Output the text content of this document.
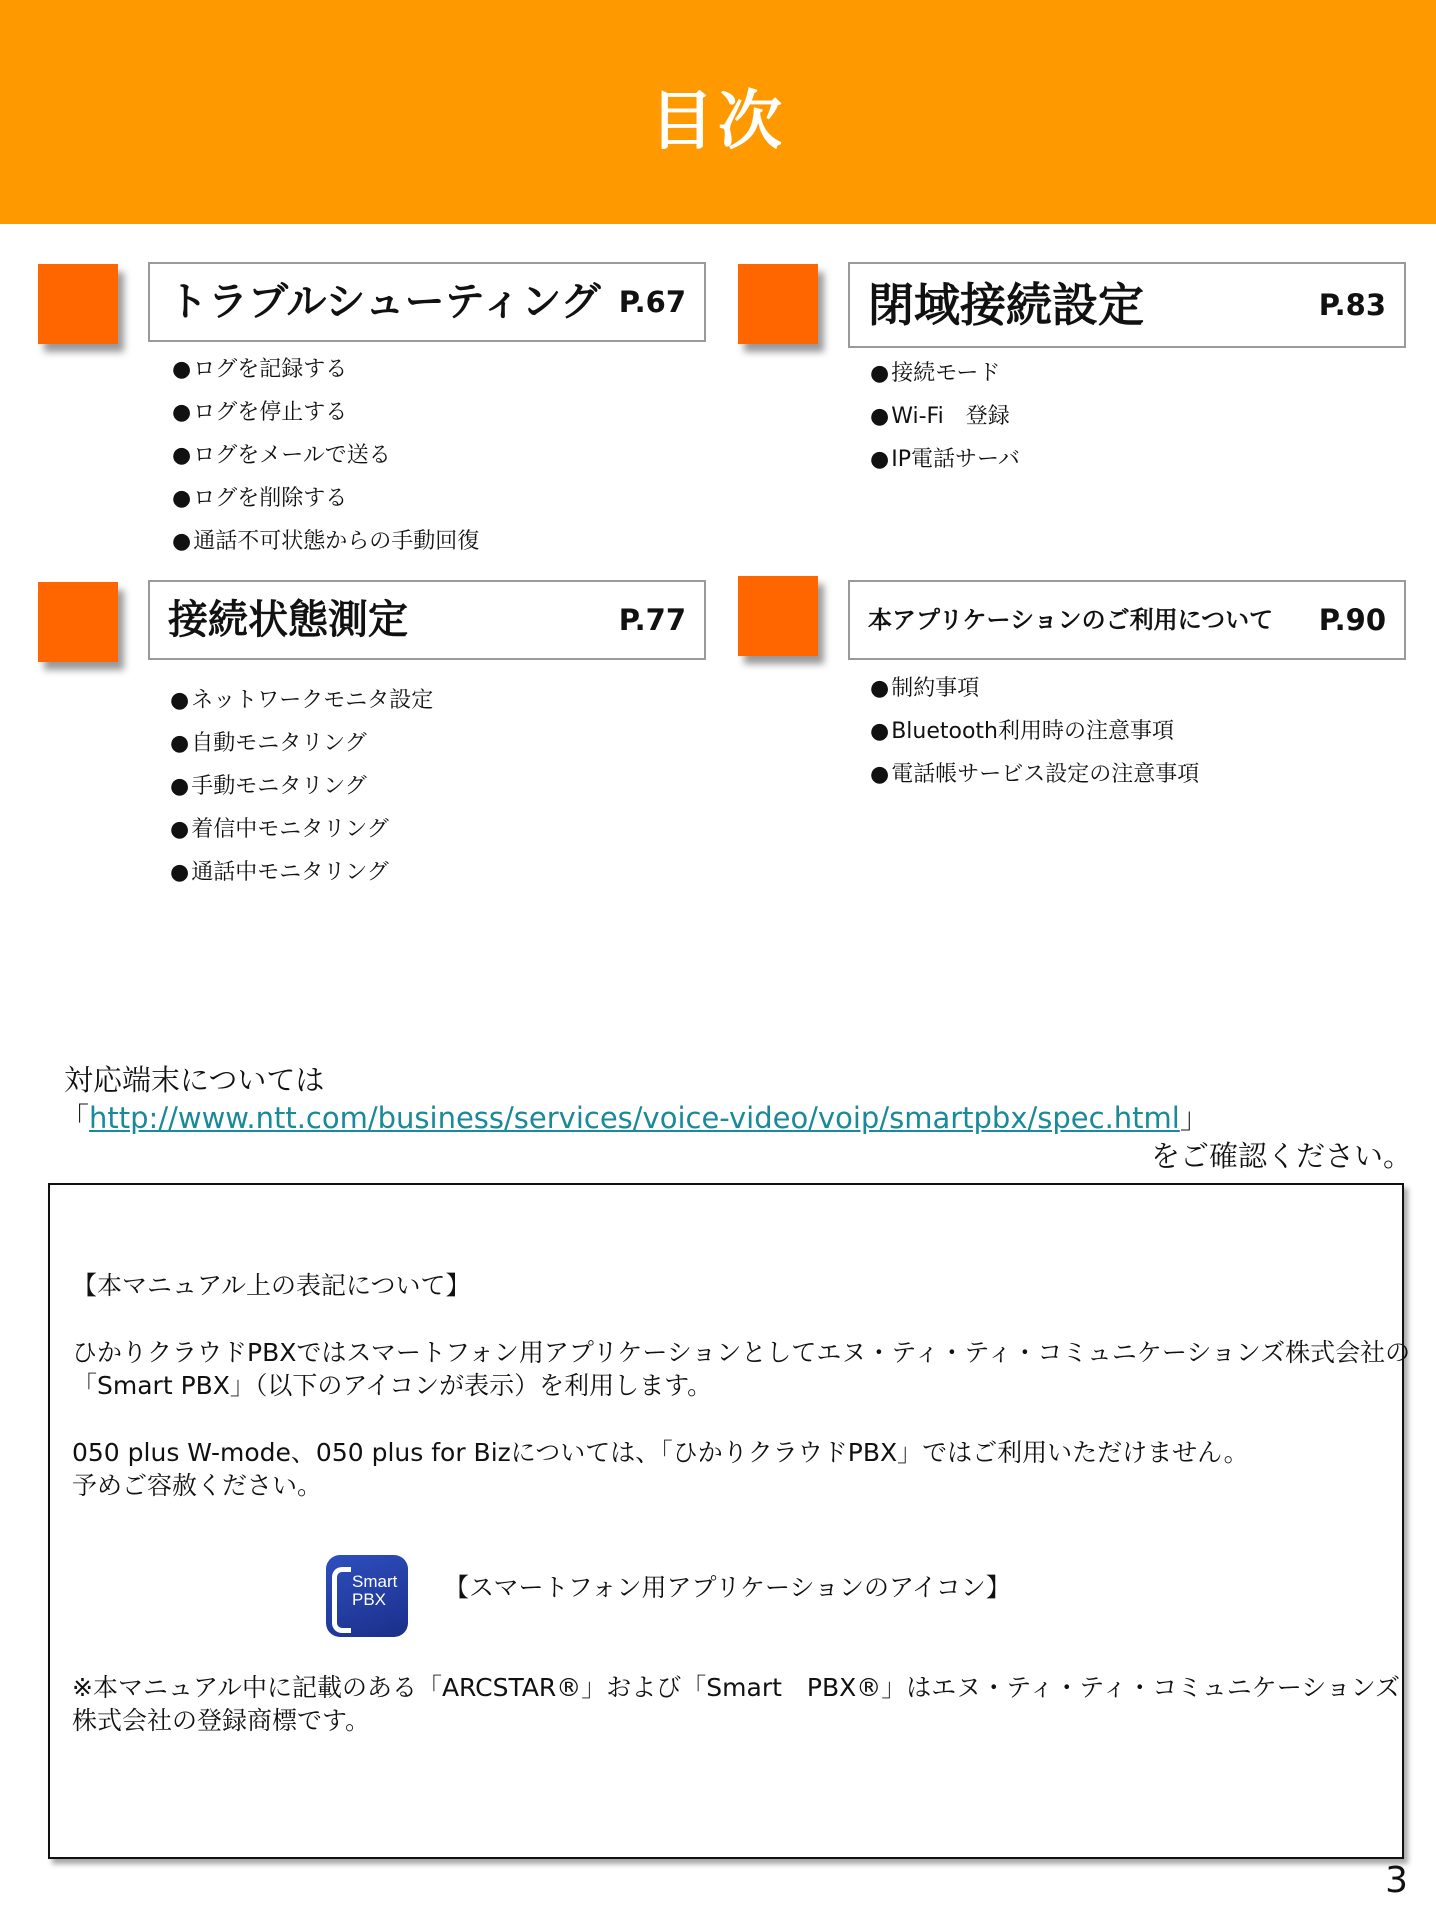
目次
トラブルシューティング P.67
● ログを記録する
● ログを停止する
● ログをメールで送る
● ログを削除する
● 通話不可状態からの手動回復
閉域接続設定	P.83
● 接続モード
● Wi-Fi　登録
● IP電話サーバ
接続状態測定	P.77
● ネットワークモニタ設定
● 自動モニタリング
● 手動モニタリング
● 着信中モニタリング
● 通話中モニタリング
本アプリケーションのご利用について P.90
● 制約事項
● Bluetooth利用時の注意事項
● 電話帳サービス設定の注意事項
対応端末については
「http://www.ntt.com/business/services/voice-video/voip/smartpbx/spec.html」
をご確認ください。
【本マニュアル上の表記について】
ひかりクラウドPBXではスマートフォン用アプリケーションとしてエヌ・ティ・ティ・コミュニケーションズ株式会社の
「Smart PBX」（以下のアイコンが表示）を利用します。
050 plus W-mode、050 plus for Bizについては、「ひかりクラウドPBX」ではご利用いただけません。
予めご容赦ください。
Smart
PBX	【スマートフォン用アプリケーションのアイコン】
※本マニュアル中に記載のある「ARCSTAR®」および「Smart　PBX®」はエヌ・ティ・ティ・コミュニケーションズ
株式会社の登録商標です。
3
